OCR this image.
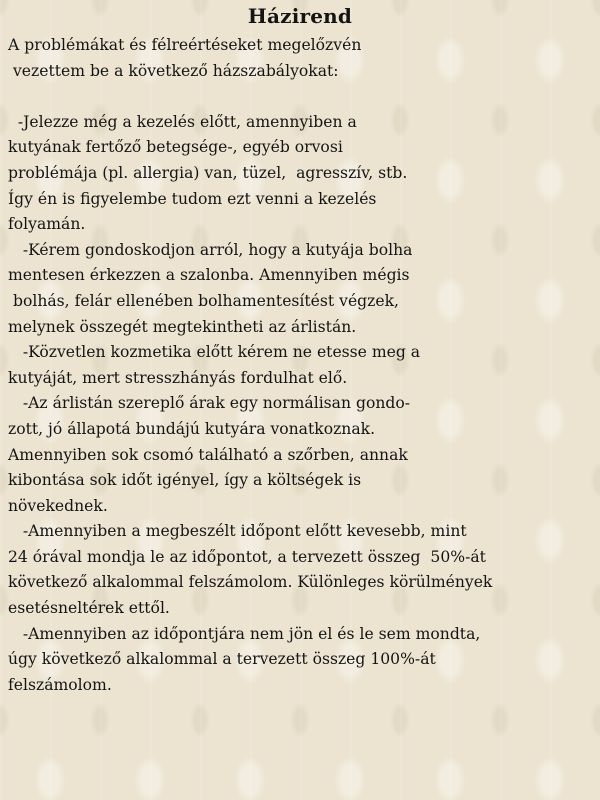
Házirend
A problémákat és félreértéseket megelőzvén
vezettem be a következő házszabályokat:
-Jelezze még a kezelés előtt, amennyiben a
kutyának fertőző betegsége-, egyéb orvosi
problémája (pl. allergia) van, tüzel,  agresszív, stb.
Így én is figyelembe tudom ezt venni a kezelés
folyamán.
-Kérem gondoskodjon arról, hogy a kutyája bolha
mentesen érkezzen a szalonba. Amennyiben mégis
bolhás, felár ellenében bolhamentesítést végzek,
melynek összegét megtekintheti az árlistán.
-Közvetlen kozmetika előtt kérem ne etesse meg a
kutyáját, mert stresszhányás fordulhat elő.
-Az árlistán szereplő árak egy normálisan gondo-
zott, jó állapotá bundájú kutyára vonatkoznak.
Amennyiben sok csomó található a szőrben, annak
kibontása sok időt igényel, így a költségek is
növekednek.
-Amennyiben a megbeszélt időpont előtt kevesebb, mint
24 órával mondja le az időpontot, a tervezett összeg  50%-át
következő alkalommal felszámolom. Különleges körülmények
esetésneltérek ettől.
-Amennyiben az időpontjára nem jön el és le sem mondta,
úgy következő alkalommal a tervezett összeg 100%-át
felszámolom.
